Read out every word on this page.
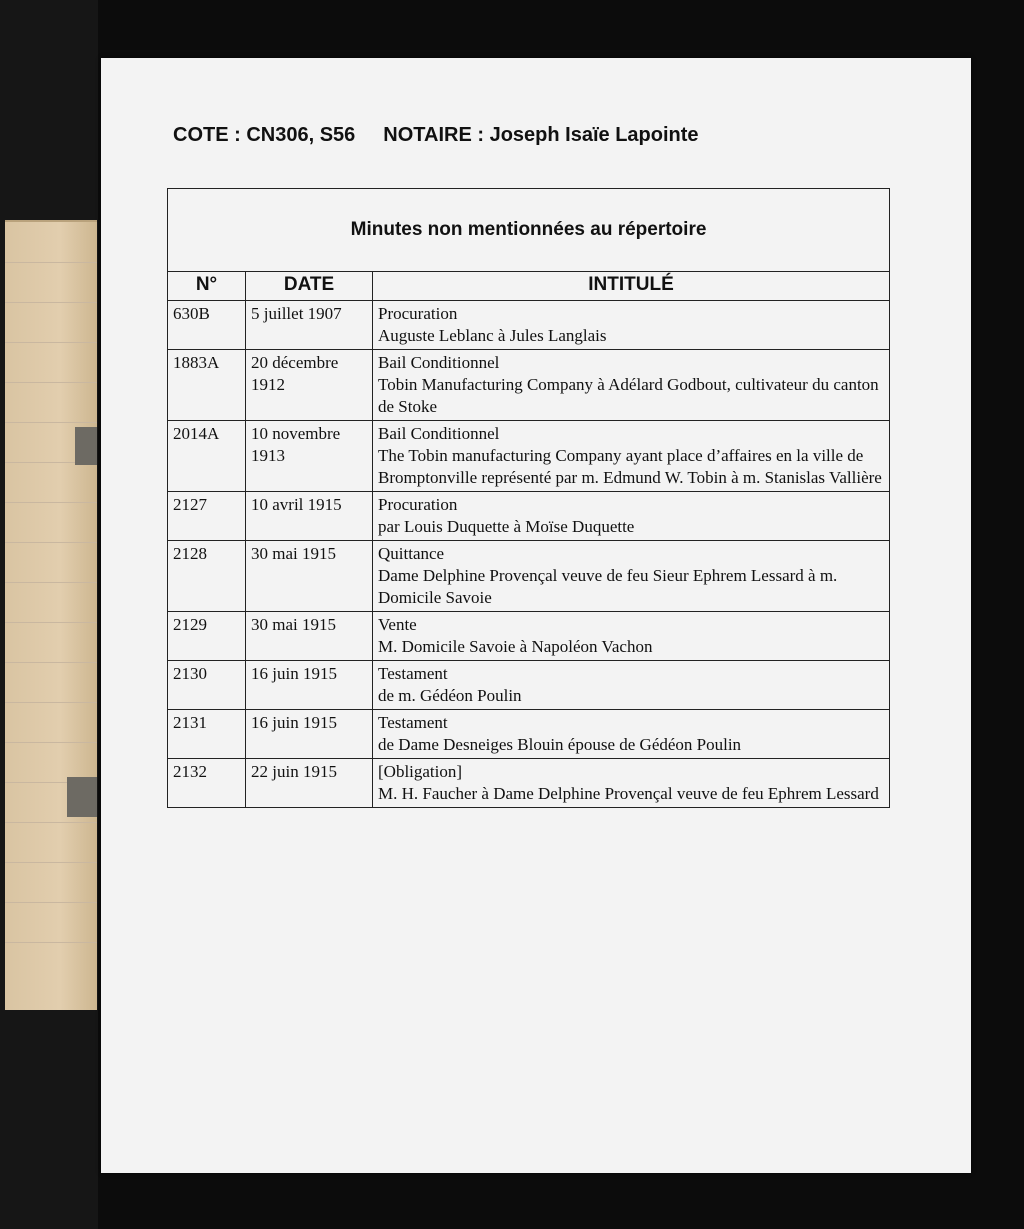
COTE : CN306, S56 NOTAIRE : Joseph Isaïe Lapointe
Minutes non mentionnées au répertoire		
N°	DATE	INTITULÉ
630B	5 juillet 1907	Procuration
Auguste Leblanc à Jules Langlais

1883A	20 décembre 1912	Bail Conditionnel
Tobin Manufacturing Company à Adélard Godbout, cultivateur du canton de Stoke

2014A	10 novembre 1913	Bail Conditionnel
The Tobin manufacturing Company ayant place d’affaires en la ville de Bromptonville représenté par m. Edmund W. Tobin à m. Stanislas Vallière

2127	10 avril 1915	Procuration
par Louis Duquette à Moïse Duquette

2128	30 mai 1915	Quittance
Dame Delphine Provençal veuve de feu Sieur Ephrem Lessard à m. Domicile Savoie

2129	30 mai 1915	Vente
M. Domicile Savoie à Napoléon Vachon

2130	16 juin 1915	Testament
de m. Gédéon Poulin

2131	16 juin 1915	Testament
de Dame Desneiges Blouin épouse de Gédéon Poulin

2132	22 juin 1915	[Obligation]
M. H. Faucher à Dame Delphine Provençal veuve de feu Ephrem Lessard
